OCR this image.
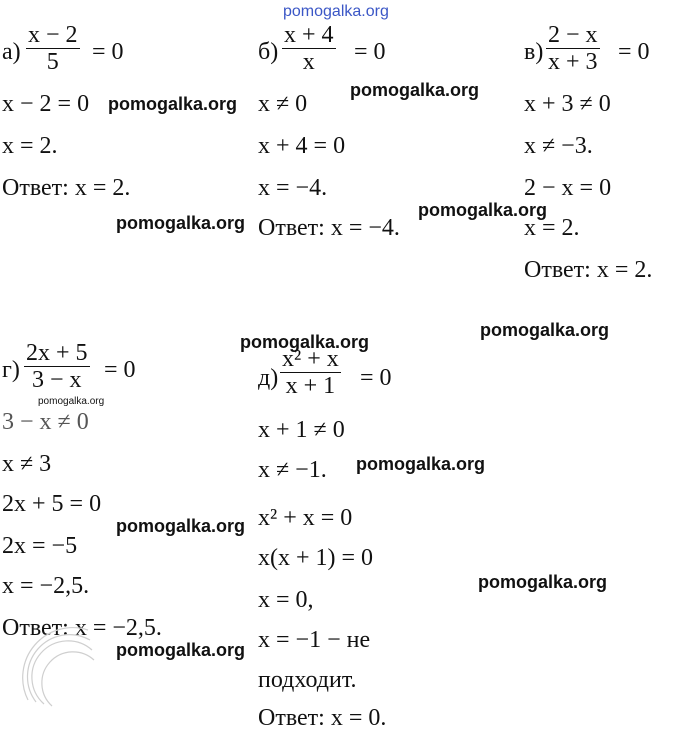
pomogalka.org
$а) \frac{x - 2}{5} = 0$
x − 2 = 0
x = 2.
Ответ: x = 2.
$б) \frac{x + 4}{x} = 0$
x ≠ 0
x + 4 = 0
x = −4.
Ответ: x = −4.
$в) \frac{2 - x}{x + 3} = 0$
x + 3 ≠ 0
x ≠ −3.
2 − x = 0
x = 2.
Ответ: x = 2.
$г) \frac{2x + 5}{3 - x} = 0$
3 − x ≠ 0
x ≠ 3
2x + 5 = 0
2x = −5
x = −2,5.
Ответ: x = −2,5.
$д) \frac{\text{x² + x}}{x + 1} = 0$
x + 1 ≠ 0
x ≠ −1.
x² + x = 0
x(x + 1) = 0
x = 0,
x = −1 − не
подходит.
Ответ: x = 0.
pomogalka.org
pomogalka.org
pomogalka.org
pomogalka.org
pomogalka.org
pomogalka.org
pomogalka.org
pomogalka.org
pomogalka.org
pomogalka.org
pomogalka.org
